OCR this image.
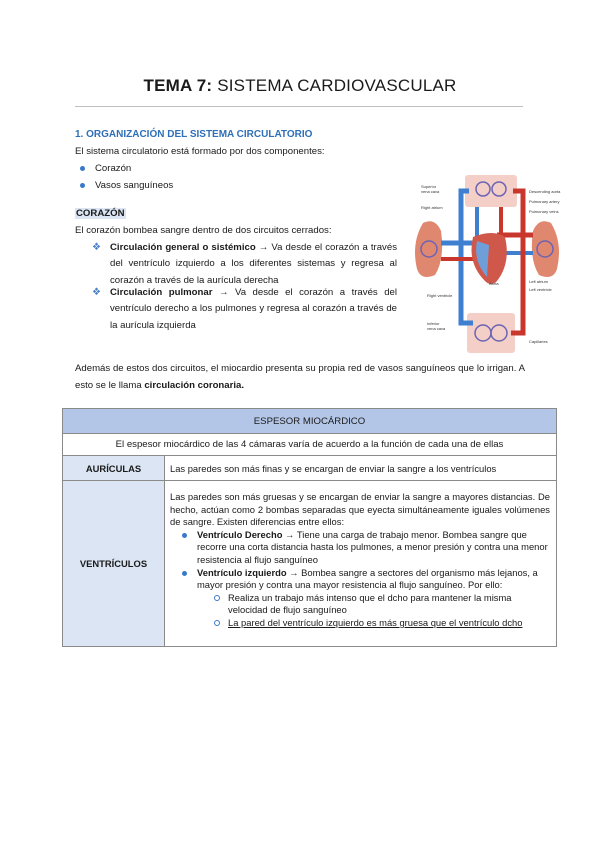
TEMA 7: SISTEMA CARDIOVASCULAR
1. ORGANIZACIÓN DEL SISTEMA CIRCULATORIO
El sistema circulatorio está formado por dos componentes:
Corazón
Vasos sanguíneos
CORAZÓN
El corazón bombea sangre dentro de dos circuitos cerrados:
❖ Circulación general o sistémico → Va desde el corazón a través del ventrículo izquierdo a los diferentes sistemas y regresa al corazón a través de la aurícula derecha
❖ Circulación pulmonar → Va desde el corazón a través del ventrículo derecho a los pulmones y regresa al corazón a través de la aurícula izquierda
Superior
vena cava
Right atrium
Descending aorta
Pulmonary artery
Pulmonary veins
Left atrium
Left ventricle
Aorta
Right ventricle
Inferior
vena cava
Capillaries
Además de estos dos circuitos, el miocardio presenta su propia red de vasos sanguíneos que lo irrigan. A esto se le llama circulación coronaria.
ESPESOR MIOCÁRDICO
El espesor miocárdico de las 4 cámaras varía de acuerdo a la función de cada una de ellas
AURÍCULAS	Las paredes son más finas y se encargan de enviar la sangre a los ventrículos
VENTRÍCULOS
Las paredes son más gruesas y se encargan de enviar la sangre a mayores distancias. De hecho, actúan como 2 bombas separadas que eyecta simultáneamente iguales volúmenes de sangre. Existen diferencias entre ellos:
Ventrículo Derecho → Tiene una carga de trabajo menor. Bombea sangre que recorre una corta distancia hasta los pulmones, a menor presión y contra una menor resistencia al flujo sanguíneo
Ventrículo izquierdo → Bombea sangre a sectores del organismo más lejanos, a mayor presión y contra una mayor resistencia al flujo sanguíneo. Por ello:
Realiza un trabajo más intenso que el dcho para mantener la misma velocidad de flujo sanguíneo
La pared del ventrículo izquierdo es más gruesa que el ventrículo dcho
